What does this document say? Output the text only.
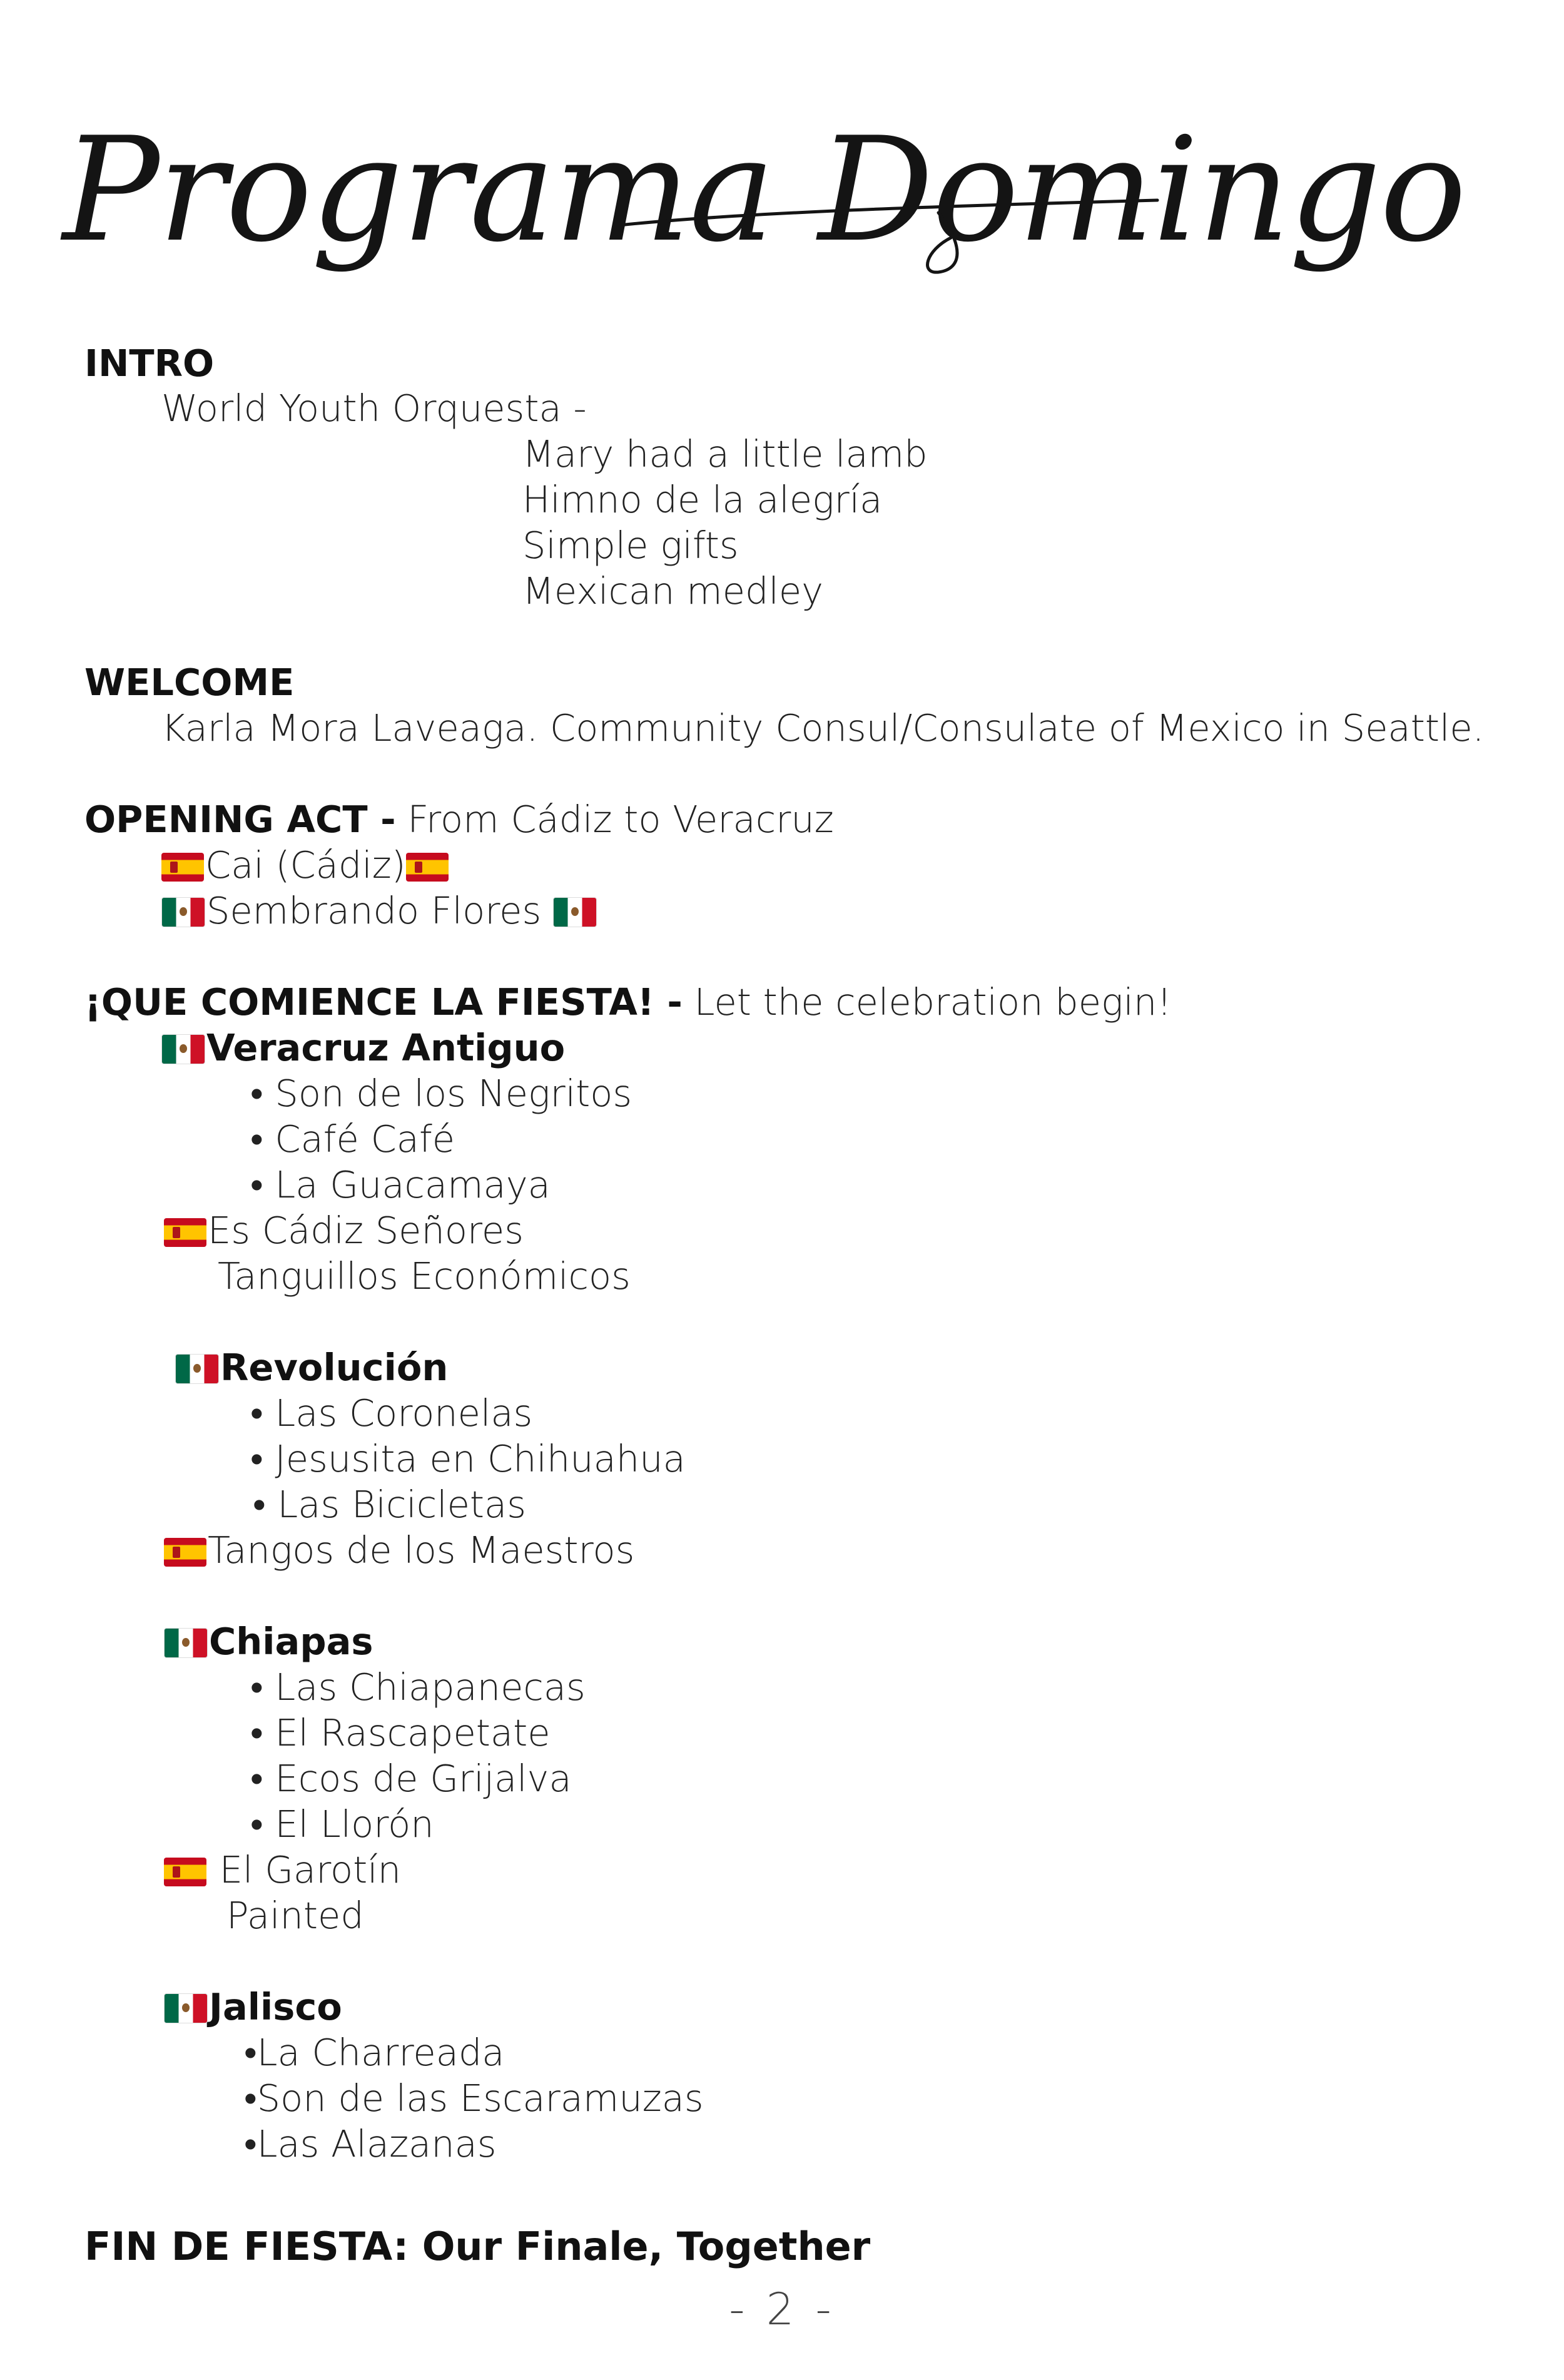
Programa Domingo
INTRO
World Youth Orquesta -
Mary had a little lamb
Himno de la alegría
Simple gifts
Mexican medley
WELCOME
Karla Mora Laveaga. Community Consul/Consulate of Mexico in Seattle.
OPENING ACT - From Cádiz to Veracruz
Cai (Cádiz)
Sembrando Flores
¡QUE COMIENCE LA FIESTA! - Let the celebration begin!
Veracruz Antiguo
• Son de los Negritos
• Café Café
• La Guacamaya
Es Cádiz Señores
Tanguillos Económicos
Revolución
• Las Coronelas
• Jesusita en Chihuahua
• Las Bicicletas
Tangos de los Maestros
Chiapas
• Las Chiapanecas
• El Rascapetate
• Ecos de Grijalva
• El Llorón
El Garotín
Painted
Jalisco
•La Charreada
•Son de las Escaramuzas
•Las Alazanas
FIN DE FIESTA: Our Finale, Together
- 2 -
